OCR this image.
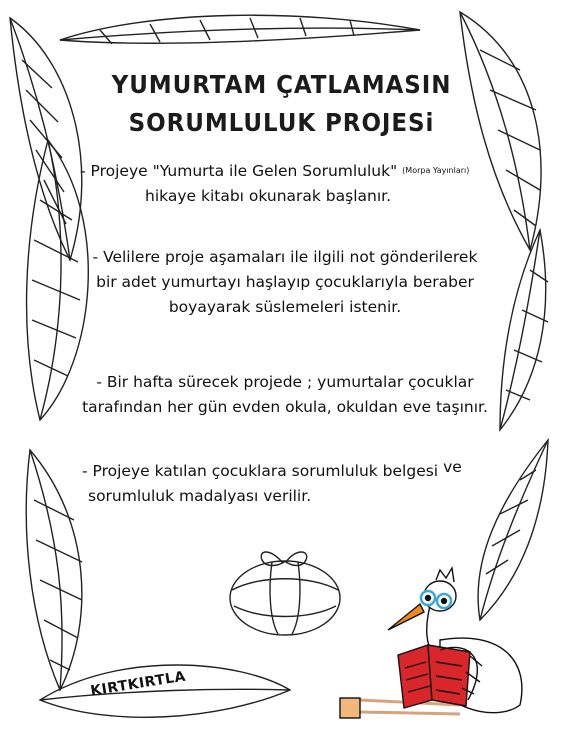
YUMURTAM ÇATLAMASIN
SORUMLULUK PROJESi
- Projeye "Yumurta ile Gelen Sorumluluk" (Morpa Yayınları)
hikaye kitabı okunarak başlanır.
- Velilere proje aşamaları ile ilgili not gönderilerek
bir adet yumurtayı haşlayıp çocuklarıyla beraber
boyayarak süslemeleri istenir.
- Bir hafta sürecek projede ; yumurtalar çocuklar
tarafından her gün evden okula, okuldan eve taşınır.
- Projeye katılan çocuklara sorumluluk belgesi ve
sorumluluk madalyası verilir.
KIRTKIRTLA
